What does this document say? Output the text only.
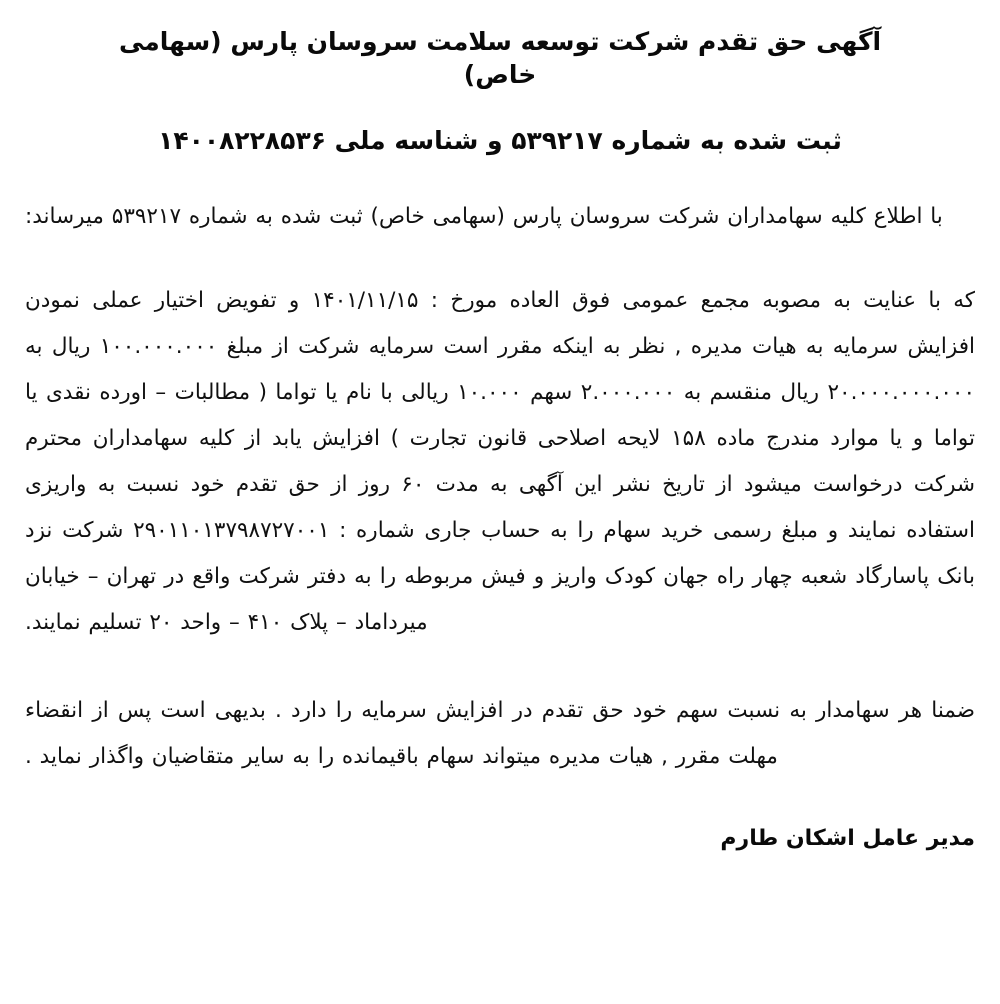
آگهی حق تقدم شرکت توسعه سلامت سروسان پارس (سهامی خاص)
ثبت شده به شماره ۵۳۹۲۱۷ و شناسه ملی ۱۴۰۰۸۲۲۸۵۳۶

با اطلاع کلیه سهامداران شرکت سروسان پارس (سهامی خاص) ثبت شده به شماره ۵۳۹۲۱۷ میرساند:

که با عنایت به مصوبه مجمع عمومی فوق العاده مورخ : ۱۴۰۱/۱۱/۱۵ و تفویض اختیار عملی نمودن افزایش سرمایه به هیات مدیره , نظر به اینکه مقرر است سرمایه شرکت از مبلغ ۱۰۰.۰۰۰.۰۰۰ ریال به ۲۰.۰۰۰.۰۰۰.۰۰۰ ریال منقسم به ۲.۰۰۰.۰۰۰ سهم ۱۰.۰۰۰ ریالی با نام یا تواما ( مطالبات – اورده نقدی یا تواما و یا موارد مندرج ماده ۱۵۸ لایحه اصلاحی قانون تجارت ) افزایش یابد از کلیه سهامداران محترم شرکت درخواست میشود از تاریخ نشر این آگهی به مدت ۶۰ روز از حق تقدم خود نسبت به واریزی استفاده نمایند و مبلغ رسمی خرید سهام را به حساب جاری شماره : ۲۹۰۱۱۰۱۳۷۹۸۷۲۷۰۰۱ شرکت نزد بانک پاسارگاد شعبه چهار راه جهان کودک واریز و فیش مربوطه را به دفتر شرکت واقع در تهران – خیابان میرداماد – پلاک ۴۱۰ – واحد ۲۰ تسلیم نمایند.

ضمنا هر سهامدار به نسبت سهم خود حق تقدم در افزایش سرمایه را دارد . بدیهی است پس از انقضاء مهلت مقرر , هیات مدیره میتواند سهام باقیمانده را به سایر متقاضیان واگذار نماید .

مدیر عامل اشکان طارم
